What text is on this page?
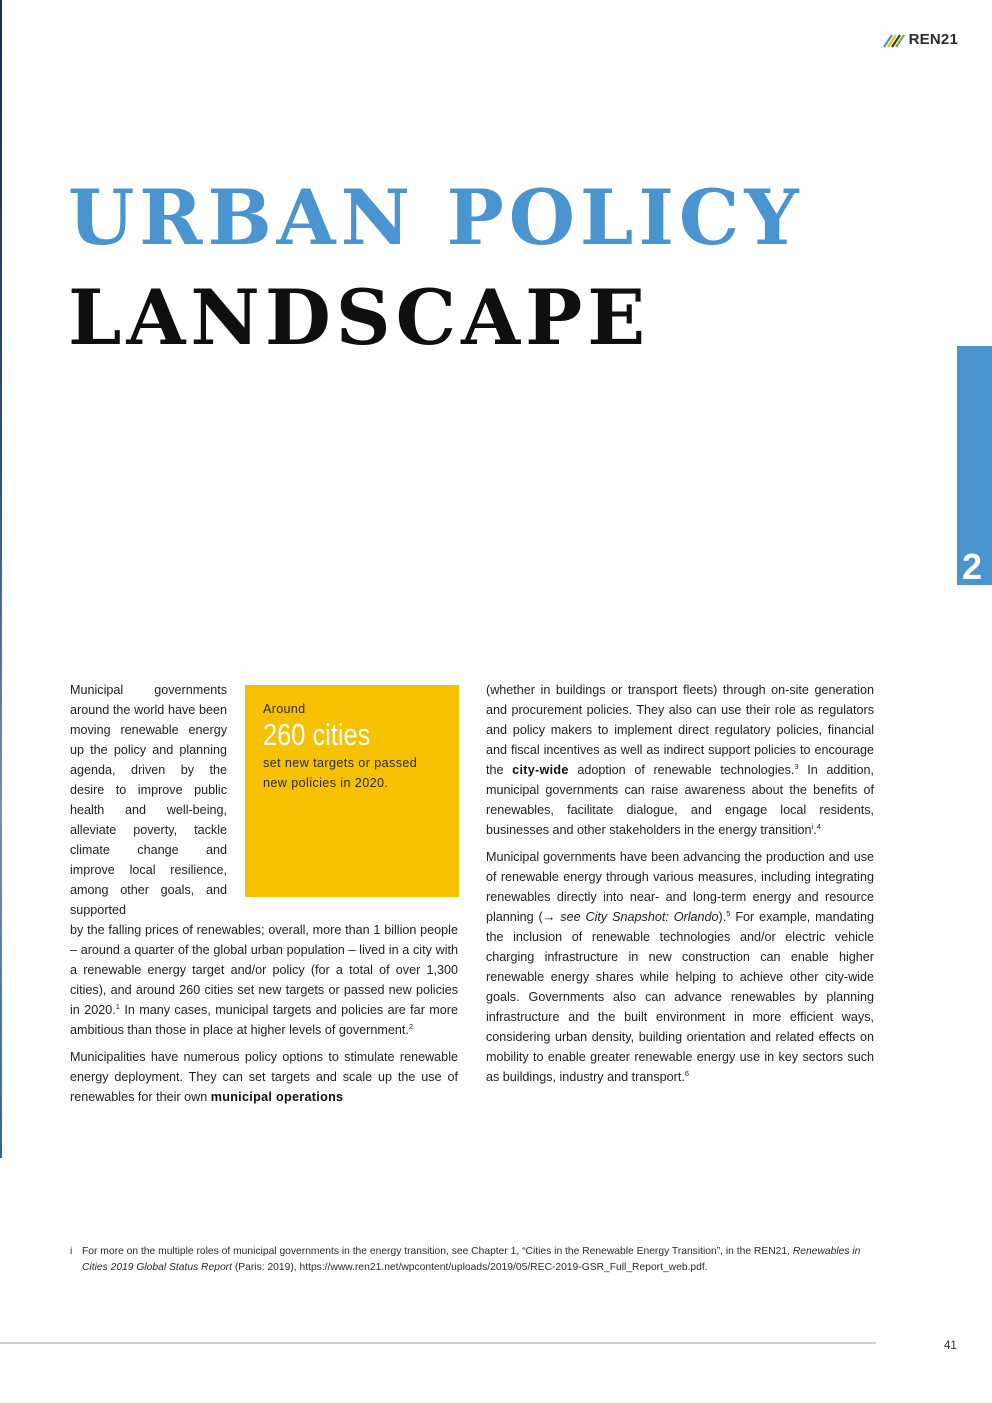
REN21
URBAN POLICY
LANDSCAPE
2
Around
260 cities
set new targets or passed new policies in 2020.

Municipal governments around the world have been moving renewable energy up the policy and planning agenda, driven by the desire to improve public health and well-being, alleviate poverty, tackle climate change and improve local resilience, among other goals, and supported

by the falling prices of renewables; overall, more than 1 billion people – around a quarter of the global urban population – lived in a city with a renewable energy target and/or policy (for a total of over 1,300 cities), and around 260 cities set new targets or passed new policies in 2020.$^1$ In many cases, municipal targets and policies are far more ambitious than those in place at higher levels of government.$^2$

Municipalities have numerous policy options to stimulate renewable energy deployment. They can set targets and scale up the use of renewables for their own municipal operations

(whether in buildings or transport fleets) through on-site generation and procurement policies. They also can use their role as regulators and policy makers to implement direct regulatory policies, financial and fiscal incentives as well as indirect support policies to encourage the city-wide adoption of renewable technologies.$^3$ In addition, municipal governments can raise awareness about the benefits of renewables, facilitate dialogue, and engage local residents, businesses and other stakeholders in the energy transition$^i$.$^4$

Municipal governments have been advancing the production and use of renewable energy through various measures, including integrating renewables directly into near- and long-term energy and resource planning (→ see City Snapshot: Orlando).$^5$ For example, mandating the inclusion of renewable technologies and/or electric vehicle charging infrastructure in new construction can enable higher renewable energy shares while helping to achieve other city-wide goals. Governments also can advance renewables by planning infrastructure and the built environment in more efficient ways, considering urban density, building orientation and related effects on mobility to enable greater renewable energy use in key sectors such as buildings, industry and transport.$^6$

i For more on the multiple roles of municipal governments in the energy transition, see Chapter 1, “Cities in the Renewable Energy Transition”, in the REN21, Renewables in Cities 2019 Global Status Report (Paris: 2019), https://www.ren21.net/wpcontent/uploads/2019/05/REC-2019-GSR_Full_Report_web.pdf.
41
